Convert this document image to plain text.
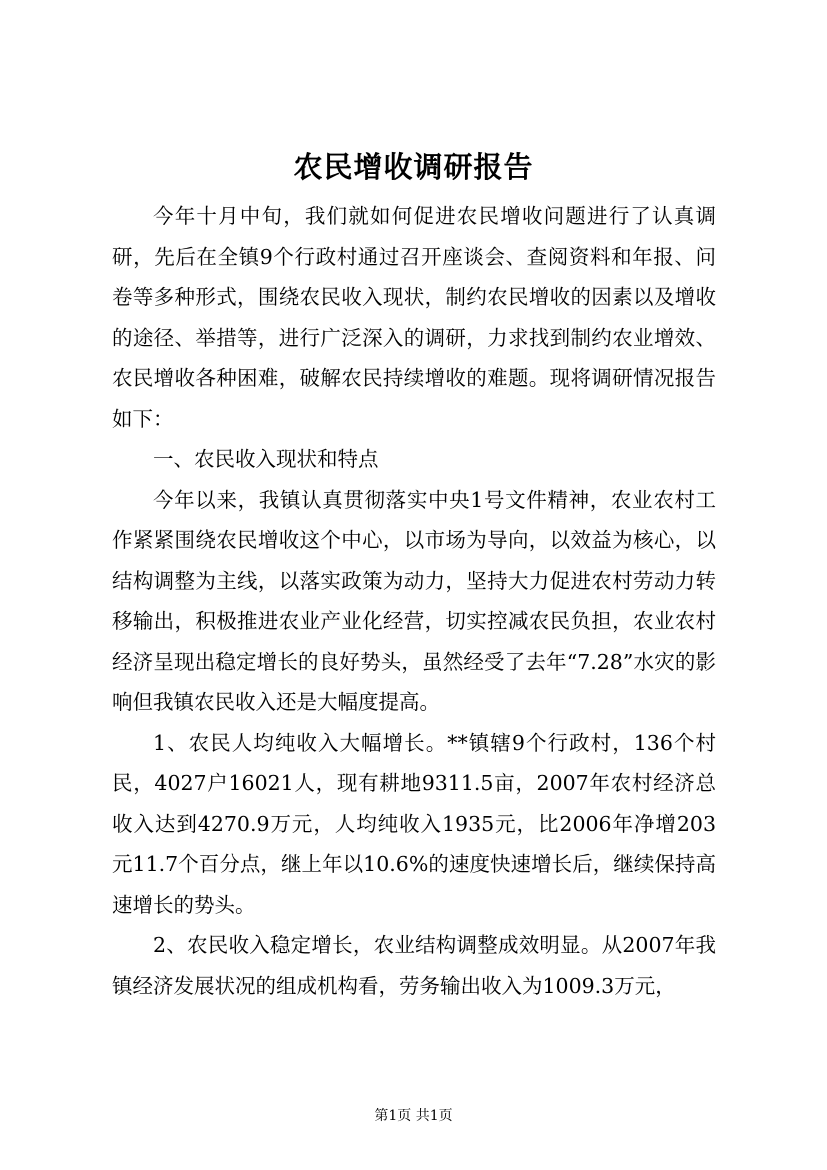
农民增收调研报告

今年十月中旬，我们就如何促进农民增收问题进行了认真调研，先后在全镇9个行政村通过召开座谈会、查阅资料和年报、问卷等多种形式，围绕农民收入现状，制约农民增收的因素以及增收的途径、举措等，进行广泛深入的调研，力求找到制约农业增效、农民增收各种困难，破解农民持续增收的难题。现将调研情况报告如下：

一、农民收入现状和特点

今年以来，我镇认真贯彻落实中央1号文件精神，农业农村工作紧紧围绕农民增收这个中心，以市场为导向，以效益为核心，以结构调整为主线，以落实政策为动力，坚持大力促进农村劳动力转移输出，积极推进农业产业化经营，切实控减农民负担，农业农村经济呈现出稳定增长的良好势头，虽然经受了去年“7.28”水灾的影响但我镇农民收入还是大幅度提高。

1、农民人均纯收入大幅增长。**镇辖9个行政村，136个村民，4027户16021人，现有耕地9311.5亩，2007年农村经济总收入达到4270.9万元，人均纯收入1935元，比2006年净增203元11.7个百分点，继上年以10.6%的速度快速增长后，继续保持高速增长的势头。

2、农民收入稳定增长，农业结构调整成效明显。从2007年我镇经济发展状况的组成机构看，劳务输出收入为1009.3万元，

第1页 共1页
